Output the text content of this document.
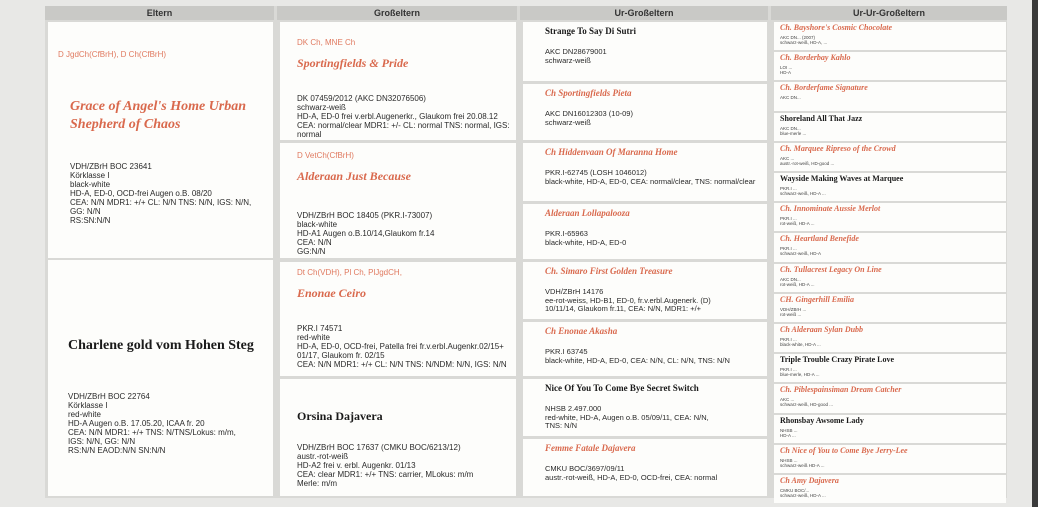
Eltern	Großeltern	Ur-Großeltern	Ur-Ur-Großeltern
D JgdCh(CfBrH), D Ch(CfBrH)
Grace of Angel's Home Urban Shepherd of Chaos
VDH/ZBrH BOC 23641
Körklasse I
black-white
HD-A, ED-0, OCD-frei Augen o.B. 08/20
CEA: N/N MDR1: +/+ CL: N/N TNS: N/N, IGS: N/N,
GG: N/N
RS:SN:N/N
Charlene gold vom Hohen Steg
VDH/ZBrH BOC 22764
Körklasse I
red-white
HD-A Augen o.B. 17.05.20, ICAA fr. 20
CEA: N/N MDR1: +/+ TNS: N/TNS/Lokus: m/m,
IGS: N/N, GG: N/N
RS:N/N EAOD:N/N SN:N/N
DK Ch, MNE Ch
Sportingfields & Pride
DK 07459/2012 (AKC DN32076506)
schwarz-weiß
HD-A, ED-0 frei v.erbl.Augenerkr., Glaukom frei 20.08.12
CEA: normal/clear MDR1: +/- CL: normal TNS: normal, IGS: normal
D VetCh(CfBrH)
Alderaan Just Because
VDH/ZBrH BOC 18405 (PKR.I-73007)
black-white
HD-A1 Augen o.B.10/14,Glaukom fr.14
CEA: N/N
GG:N/N
Dt Ch(VDH), Pl Ch, PlJgdCH,
Enonae Ceiro
PKR.I 74571
red-white
HD-A, ED-0, OCD-frei, Patella frei fr.v.erbl.Augenkr.02/15+
01/17, Glaukom fr. 02/15
CEA: N/N MDR1: +/+ CL: N/N TNS: N/NDM: N/N, IGS: N/N
Orsina Dajavera
VDH/ZBrH BOC 17637 (CMKU BOC/6213/12)
austr.-rot-weiß
HD-A2 frei v. erbl. Augenkr. 01/13
CEA: clear MDR1: +/+ TNS: carrier, MLokus: m/m
Merle: m/m
Strange To Say Di Sutri
AKC DN28679001
schwarz-weiß
Ch Sportingfields Pieta
AKC DN16012303 (10-09)
schwarz-weiß
Ch Hiddenvaan Of Maranna Home
PKR.I-62745 (LOSH 1046012)
black-white, HD-A, ED-0, CEA: normal/clear, TNS: normal/clear
Alderaan Lollapalooza
PKR.I-65963
black-white, HD-A, ED-0
Ch. Simaro First Golden Treasure
VDH/ZBrH 14176
ee-rot-weiss, HD-B1, ED-0, fr.v.erbl.Augenerk. (D)
10/11/14, Glaukom fr.11, CEA: N/N, MDR1: +/+
Ch Enonae Akasha
PKR.I 63745
black-white, HD-A, ED-0, CEA: N/N, CL: N/N, TNS: N/N
Nice Of You To Come Bye Secret Switch
NHSB 2.497.000
red-white, HD-A, Augen o.B. 05/09/11, CEA: N/N,
TNS: N/N
Femme Fatale Dajavera
CMKU BOC/3697/09/11
austr.-rot-weiß, HD-A, ED-0, OCD-frei, CEA: normal
Ch. Bayshore's Cosmic Chocolate
AKC DN... (2007)
schwarz-weiß, HD-A, ...
Ch. Borderbay Kahlo
LOI ...
HD-A
Ch. Borderfame Signature
AKC DN...
Shoreland All That Jazz
AKC DN...
blue-merle ...
Ch. Marquee Ripreso of the Crowd
AKC ...
austr.-rot-weiß, HD-good ...
Wayside Making Waves at Marquee
PKR.I ...
schwarz-weiß, HD-A ...
Ch. Innominate Aussie Merlot
PKR.I ...
rot-weiß, HD-A ...
Ch. Heartland Benefide
PKR.I ...
schwarz-weiß, HD-A
Ch. Tullacrest Legacy On Line
AKC DN...
rot-weiß, HD-A ...
CH. Gingerhill Emilia
VDH/ZBrH ...
rot-weiß ...
Ch Alderaan Sylan Dubb
PKR.I ...
black-white, HD-A ...
Triple Trouble Crazy Pirate Love
PKR.I ...
blue-merle, HD-A ...
Ch. Piblespainsiman Dream Catcher
AKC ...
schwarz-weiß, HD-good ...
Rhonsbay Awsome Lady
NHSB ...
HD-A ...
Ch Nice of You to Come Bye Jerry-Lee
NHSB ...
schwarz-weiß HD-A ...
Ch Amy Dajavera
CMKU BOC/...
schwarz-weiß, HD-A ...
